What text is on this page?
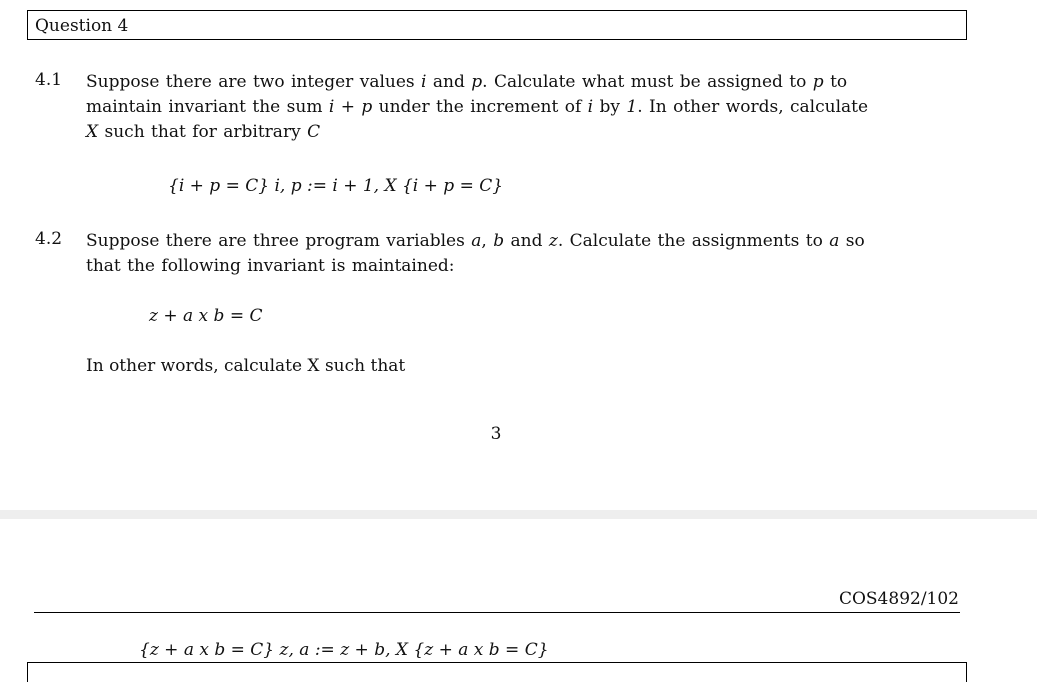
Question 4
4.1 Suppose there are two integer values i and p. Calculate what must be assigned to p to
maintain invariant the sum i + p under the increment of i by 1. In other words, calculate
X such that for arbitrary C
{i + p = C} i, p := i + 1, X {i + p = C}
4.2 Suppose there are three program variables a, b and z. Calculate the assignments to a so
that the following invariant is maintained:
z + a x b = C
In other words, calculate X such that
3
COS4892/102
{z + a x b = C} z, a := z + b, X {z + a x b = C}
